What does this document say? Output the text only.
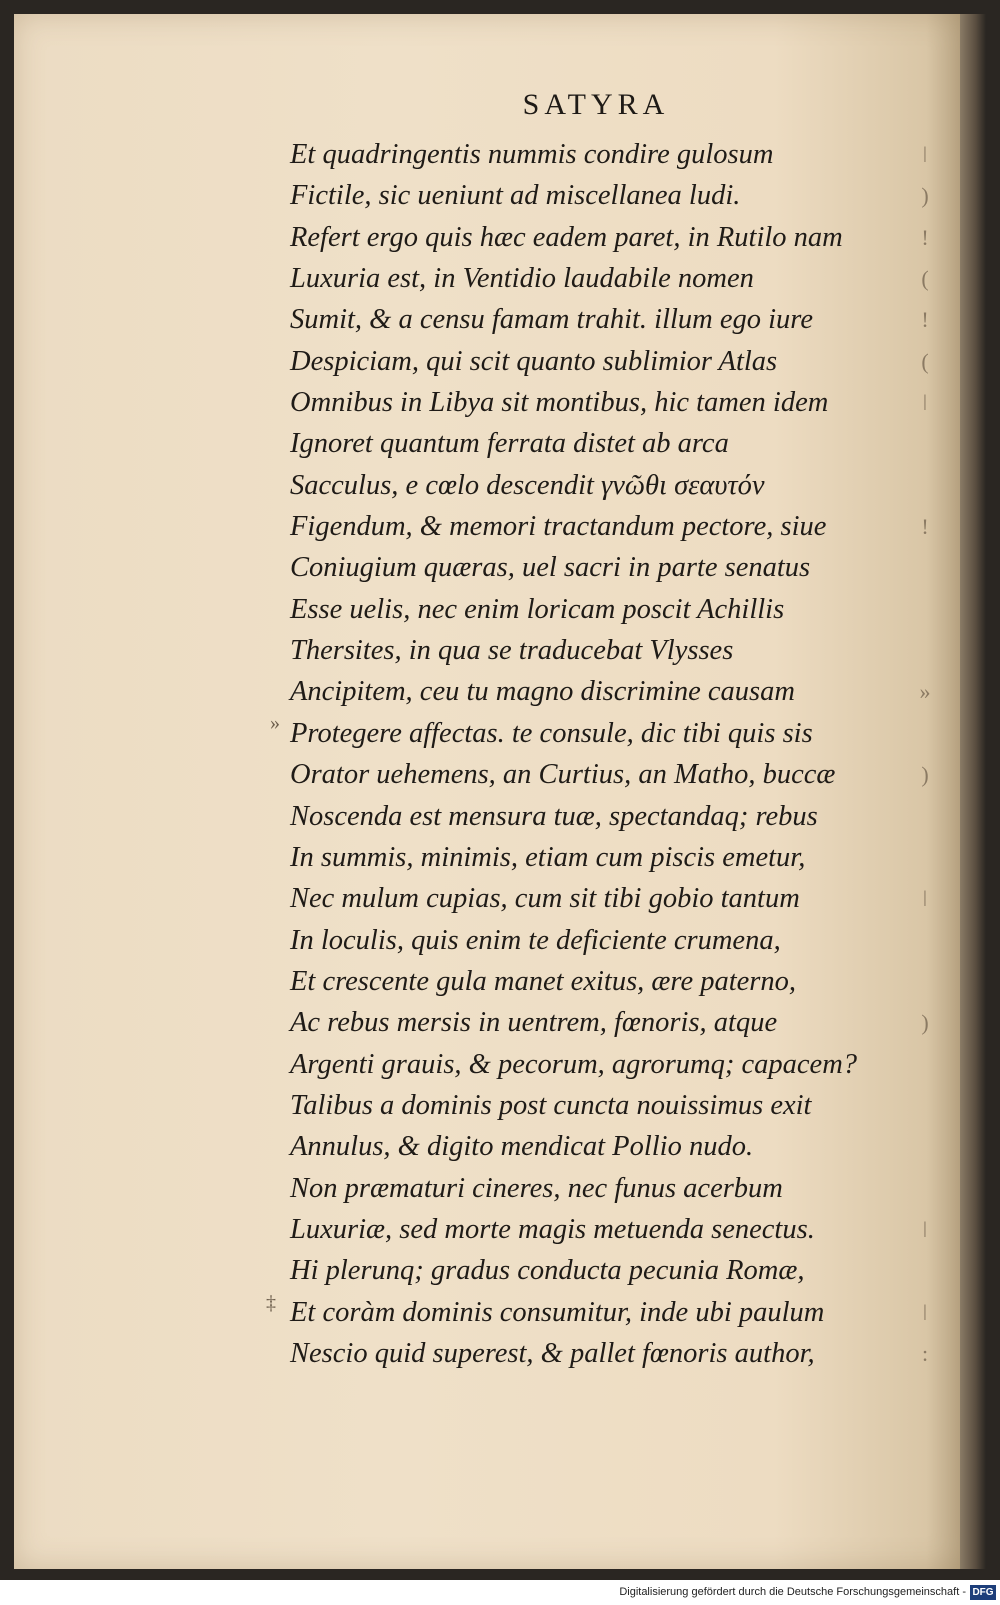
SATYRA
Et quadringentis nummis condire gulosum
Fictile, sic ueniunt ad miscellanea ludi.
Refert ergo quis hæc eadem paret, in Rutilo nam
Luxuria est, in Ventidio laudabile nomen
Sumit, & a censu famam trahit. illum ego iure
Despiciam, qui scit quanto sublimior Atlas
Omnibus in Libya sit montibus, hic tamen idem
Ignoret quantum ferrata distet ab arca
Sacculus, e cœlo descendit γνῶθι σεαυτόν
Figendum, & memori tractandum pectore, siue
Coniugium quæras, uel sacri in parte senatus
Esse uelis, nec enim loricam poscit Achillis
Thersites, in qua se traducebat Vlysses
Ancipitem, ceu tu magno discrimine causam
Protegere affectas. te consule, dic tibi quis sis
Orator uehemens, an Curtius, an Matho, buccæ
Noscenda est mensura tuæ, spectandaq; rebus
In summis, minimis, etiam cum piscis emetur,
Nec mulum cupias, cum sit tibi gobio tantum
In loculis, quis enim te deficiente crumena,
Et crescente gula manet exitus, ære paterno,
Ac rebus mersis in uentrem, fœnoris, atque
Argenti grauis, & pecorum, agrorumq; capacem?
Talibus a dominis post cuncta nouissimus exit
Annulus, & digito mendicat Pollio nudo.
Non præmaturi cineres, nec funus acerbum
Luxuriæ, sed morte magis metuenda senectus.
Hi plerunq; gradus conducta pecunia Romæ,
Et coràm dominis consumitur, inde ubi paulum
Nescio quid superest, & pallet fœnoris author,
ǀ
)
!
(
!
(
ǀ

!

»

)

ǀ

)

ǀ

ǀ
:
»
‡
Digitalisierung gefördert durch die Deutsche Forschungsgemeinschaft - DFG
